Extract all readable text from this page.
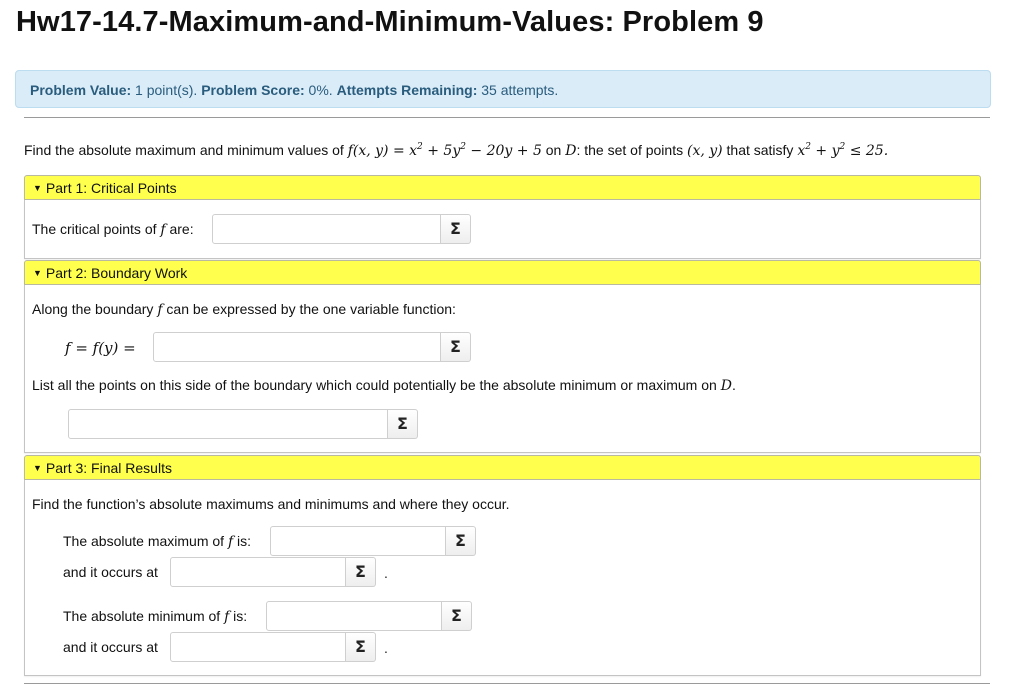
Hw17-14.7-Maximum-and-Minimum-Values: Problem 9
Problem Value: 1 point(s). Problem Score: 0%. Attempts Remaining: 35 attempts.
Find the absolute maximum and minimum values of f(x, $y) = x^2 + 5y^2 - 20y + 5$ on D: the set of points (x, y) that satisfy $x^2 + y^2 \le 25$.
▼ Part 1: Critical Points
The critical points of f are:	Σ
▼ Part 2: Boundary Work
Along the boundary f can be expressed by the one variable function:
f = f(y) =	Σ
List all the points on this side of the boundary which could potentially be the absolute minimum or maximum on D.
Σ
▼ Part 3: Final Results
Find the function’s absolute maximums and minimums and where they occur.
The absolute maximum of f is:	Σ
and it occurs at	Σ	.
The absolute minimum of f is:	Σ
and it occurs at	Σ	.
